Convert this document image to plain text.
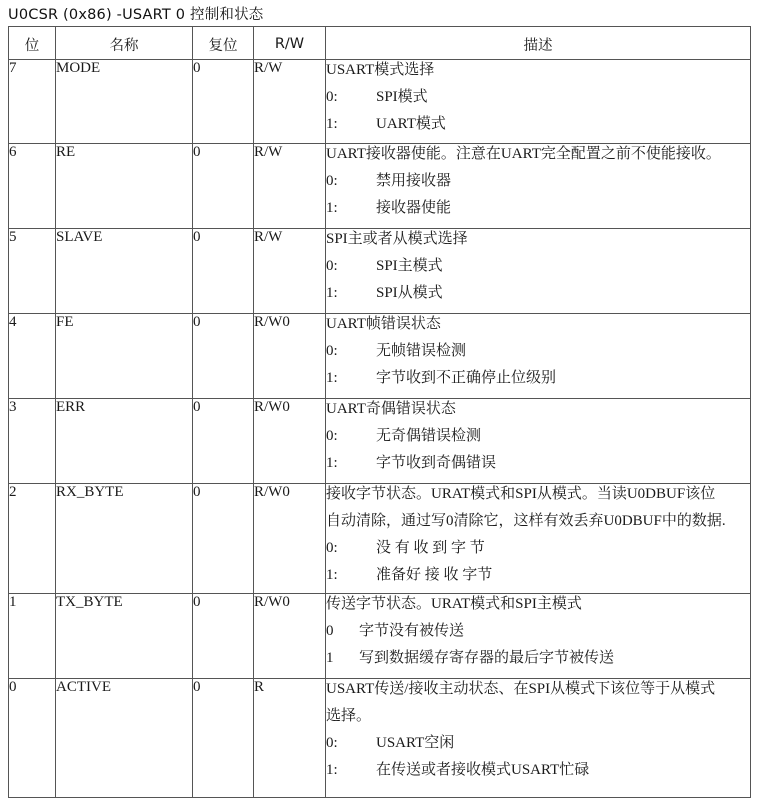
U0CSR (0x86) -USART 0 控制和状态
位	名称	复位	R/W	描述

7	MODE	0	R/W	USART模式选择
0: SPI模式
1: UART模式

6	RE	0	R/W	UART接收器使能。注意在UART完全配置之前不使能接收。
0: 禁用接收器
1: 接收器使能

5	SLAVE	0	R/W	SPI主或者从模式选择
0: SPI主模式
1: SPI从模式

4	FE	0	R/W0	UART帧错误状态
0: 无帧错误检测
1: 字节收到不正确停止位级别

3	ERR	0	R/W0	UART奇偶错误状态
0: 无奇偶错误检测
1: 字节收到奇偶错误

2	RX_BYTE	0	R/W0	接收字节状态。URAT模式和SPI从模式。当读U0DBUF该位
自动清除，通过写0清除它，这样有效丢弃U0DBUF中的数据.
0: 没 有 收 到 字 节
1: 准备好 接 收 字节

1	TX_BYTE	0	R/W0	传送字节状态。URAT模式和SPI主模式
0 字节没有被传送
1 写到数据缓存寄存器的最后字节被传送

0	ACTIVE	0	R	USART传送/接收主动状态、在SPI从模式下该位等于从模式
选择。
0: USART空闲
1: 在传送或者接收模式USART忙碌
